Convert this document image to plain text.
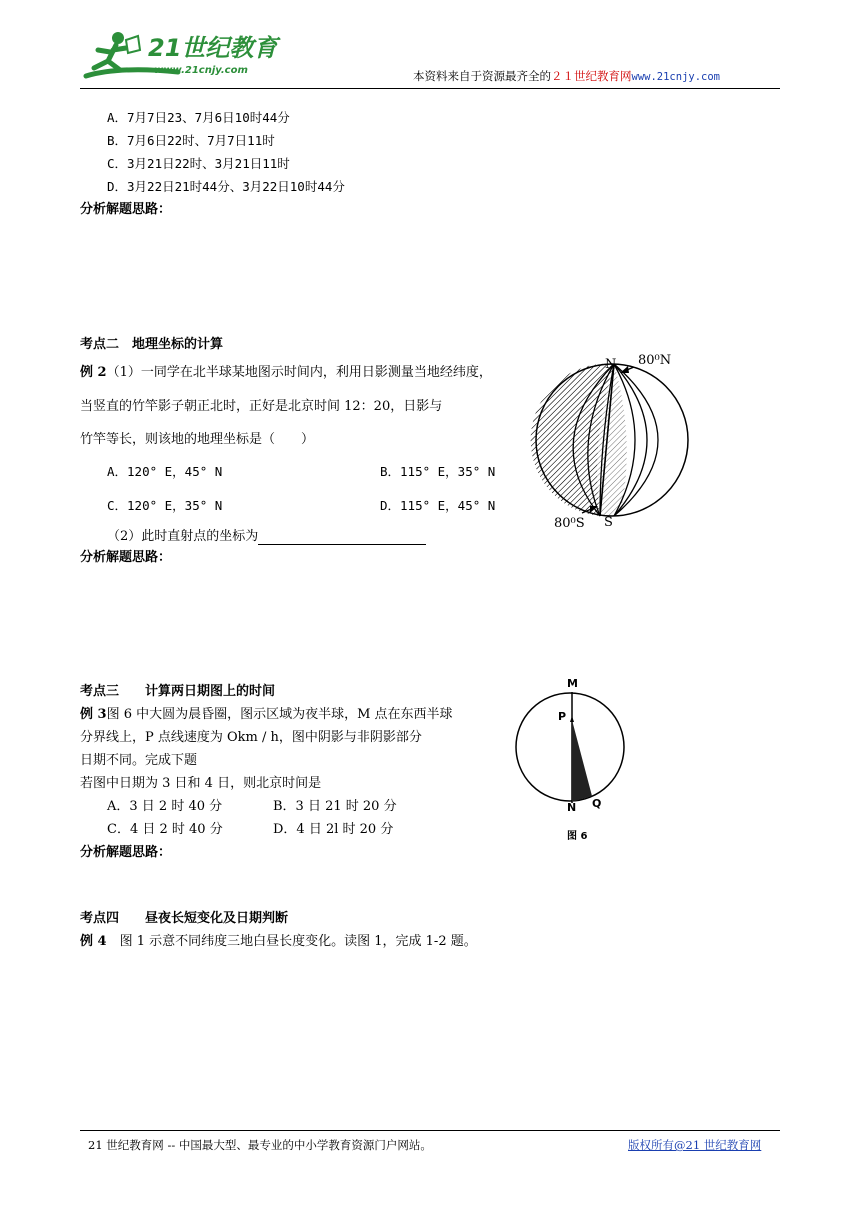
21世纪教育
www.21cnjy.com	本资料来自于资源最齐全的２１世纪教育网www.21cnjy.com
A．7月7日23、7月6日10时44分
B．7月6日22时、7月7日11时
C．3月21日22时、3月21日11时
D．3月22日21时44分、3月22日10时44分
分析解题思路：
考点二　地理坐标的计算
例 2（1）一同学在北半球某地图示时间内，利用日影测量当地经纬度，
当竖直的竹竿影子朝正北时，正好是北京时间 12：20，日影与
竹竿等长，则该地的地理坐标是（　　）
A．120° E，45° N	B．115° E，35° N
C．120° E，35° N	D．115° E，45° N
（2）此时直射点的坐标为
分析解题思路：
N 80⁰N
S
80⁰S
考点三　　计算两日期图上的时间
例 3图 6 中大圆为晨昏圈，图示区域为夜半球，M 点在东西半球
分界线上，P 点线速度为 Okm / h，图中阴影与非阴影部分
日期不同。完成下题
若图中日期为 3 日和 4 日，则北京时间是
A．3 日 2 时 40 分	B．3 日 21 时 20 分
C．4 日 2 时 40 分	D．4 日 2l 时 20 分
分析解题思路：
M
P
N Q
图 6
考点四　　昼夜长短变化及日期判断
例 4　图 1 示意不同纬度三地白昼长度变化。读图 1，完成 1-2 题。
21 世纪教育网 -- 中国最大型、最专业的中小学教育资源门户网站。	版权所有@21 世纪教育网
